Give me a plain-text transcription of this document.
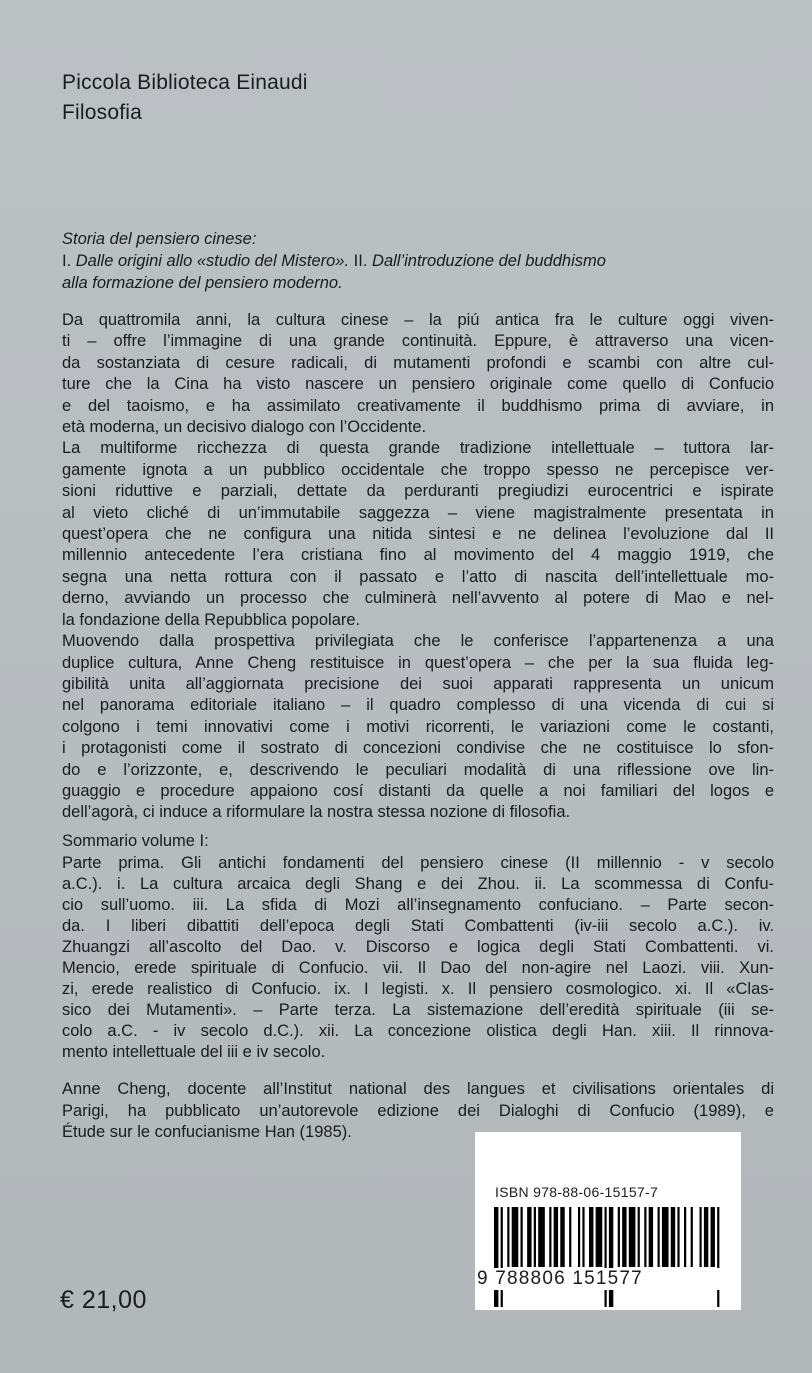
Piccola Biblioteca Einaudi
Filosofia
Storia del pensiero cinese:
I. Dalle origini allo «studio del Mistero». II. Dall’introduzione del buddhismo
alla formazione del pensiero moderno.
Da quattromila anni, la cultura cinese – la piú antica fra le culture oggi viven-
ti – offre l’immagine di una grande continuità. Eppure, è attraverso una vicen-
da sostanziata di cesure radicali, di mutamenti profondi e scambi con altre cul-
ture che la Cina ha visto nascere un pensiero originale come quello di Confucio
e del taoismo, e ha assimilato creativamente il buddhismo prima di avviare, in
età moderna, un decisivo dialogo con l’Occidente.
La multiforme ricchezza di questa grande tradizione intellettuale – tuttora lar-
gamente ignota a un pubblico occidentale che troppo spesso ne percepisce ver-
sioni riduttive e parziali, dettate da perduranti pregiudizi eurocentrici e ispirate
al vieto cliché di un’immutabile saggezza – viene magistralmente presentata in
quest’opera che ne configura una nitida sintesi e ne delinea l’evoluzione dal II
millennio antecedente l’era cristiana fino al movimento del 4 maggio 1919, che
segna una netta rottura con il passato e l’atto di nascita dell’intellettuale mo-
derno, avviando un processo che culminerà nell’avvento al potere di Mao e nel-
la fondazione della Repubblica popolare.
Muovendo dalla prospettiva privilegiata che le conferisce l’appartenenza a una
duplice cultura, Anne Cheng restituisce in quest’opera – che per la sua fluida leg-
gibilità unita all’aggiornata precisione dei suoi apparati rappresenta un unicum
nel panorama editoriale italiano – il quadro complesso di una vicenda di cui si
colgono i temi innovativi come i motivi ricorrenti, le variazioni come le costanti,
i protagonisti come il sostrato di concezioni condivise che ne costituisce lo sfon-
do e l’orizzonte, e, descrivendo le peculiari modalità di una riflessione ove lin-
guaggio e procedure appaiono cosí distanti da quelle a noi familiari del logos e
dell’agorà, ci induce a riformulare la nostra stessa nozione di filosofia.
Sommario volume I:
Parte prima. Gli antichi fondamenti del pensiero cinese (II millennio - v secolo
a.C.). i. La cultura arcaica degli Shang e dei Zhou. ii. La scommessa di Confu-
cio sull’uomo. iii. La sfida di Mozi all’insegnamento confuciano. – Parte secon-
da. I liberi dibattiti dell’epoca degli Stati Combattenti (iv-iii secolo a.C.). iv.
Zhuangzi all’ascolto del Dao. v. Discorso e logica degli Stati Combattenti. vi.
Mencio, erede spirituale di Confucio. vii. Il Dao del non-agire nel Laozi. viii. Xun-
zi, erede realistico di Confucio. ix. I legisti. x. Il pensiero cosmologico. xi. Il «Clas-
sico dei Mutamenti». – Parte terza. La sistemazione dell’eredità spirituale (iii se-
colo a.C. - iv secolo d.C.). xii. La concezione olistica degli Han. xiii. Il rinnova-
mento intellettuale del iii e iv secolo.
Anne Cheng, docente all’Institut national des langues et civilisations orientales di
Parigi, ha pubblicato un’autorevole edizione dei Dialoghi di Confucio (1989), e
Étude sur le confucianisme Han (1985).
ISBN 978-88-06-15157-7
9 788806 151577
€ 21,00
